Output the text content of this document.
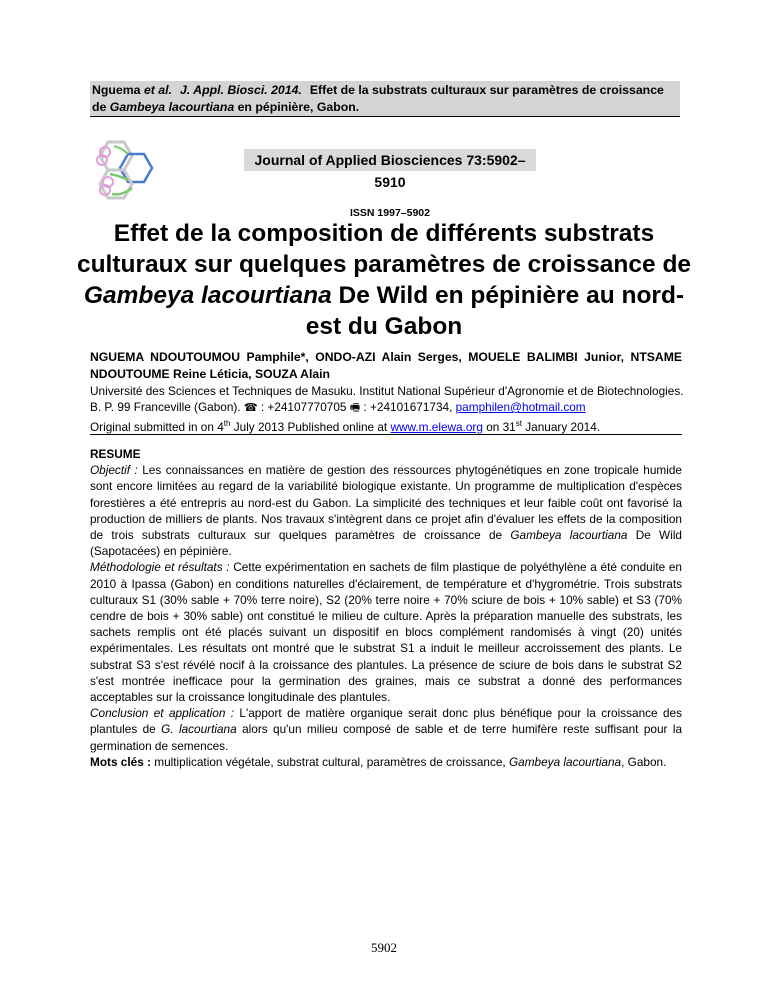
Nguema et al. J. Appl. Biosci. 2014. Effet de la substrats culturaux sur paramètres de croissance de Gambeya lacourtiana en pépinière, Gabon.
Journal of Applied Biosciences 73:5902– 5910
ISSN 1997–5902
Effet de la composition de différents substrats culturaux sur quelques paramètres de croissance de Gambeya lacourtiana De Wild en pépinière au nord-est du Gabon
NGUEMA NDOUTOUMOU Pamphile*, ONDO-AZI Alain Serges, MOUELE BALIMBI Junior, NTSAME NDOUTOUME Reine Léticia, SOUZA Alain
Université des Sciences et Techniques de Masuku. Institut National Supérieur d'Agronomie et de Biotechnologies. B. P. 99 Franceville (Gabon). ☎ : +24107770705 🖷 : +24101671734, pamphilen@hotmail.com
Original submitted in on 4th July 2013 Published online at www.m.elewa.org on 31st January 2014.
RESUME

Objectif : Les connaissances en matière de gestion des ressources phytogénétiques en zone tropicale humide sont encore limitées au regard de la variabilité biologique existante. Un programme de multiplication d'espèces forestières a été entrepris au nord-est du Gabon. La simplicité des techniques et leur faible coût ont favorisé la production de milliers de plants. Nos travaux s'intègrent dans ce projet afin d'évaluer les effets de la composition de trois substrats culturaux sur quelques paramètres de croissance de Gambeya lacourtiana De Wild (Sapotacées) en pépinière.

Méthodologie et résultats : Cette expérimentation en sachets de film plastique de polyéthylène a été conduite en 2010 à Ipassa (Gabon) en conditions naturelles d'éclairement, de température et d'hygrométrie. Trois substrats culturaux S1 (30% sable + 70% terre noire), S2 (20% terre noire + 70% sciure de bois + 10% sable) et S3 (70% cendre de bois + 30% sable) ont constitué le milieu de culture. Après la préparation manuelle des substrats, les sachets remplis ont été placés suivant un dispositif en blocs complément randomisés à vingt (20) unités expérimentales. Les résultats ont montré que le substrat S1 a induit le meilleur accroissement des plants. Le substrat S3 s'est révélé nocif à la croissance des plantules. La présence de sciure de bois dans le substrat S2 s'est montrée inefficace pour la germination des graines, mais ce substrat a donné des performances acceptables sur la croissance longitudinale des plantules.

Conclusion et application : L'apport de matière organique serait donc plus bénéfique pour la croissance des plantules de G. lacourtiana alors qu'un milieu composé de sable et de terre humifère reste suffisant pour la germination de semences.

Mots clés : multiplication végétale, substrat cultural, paramètres de croissance, Gambeya lacourtiana, Gabon.

5902
